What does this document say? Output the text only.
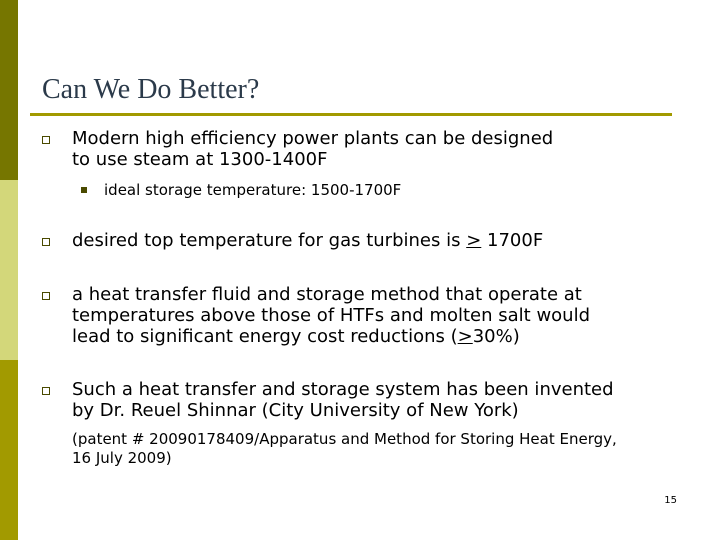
Can We Do Better?
Modern high efficiency power plants can be designed
to use steam at 1300-1400F
ideal storage temperature: 1500-1700F
desired top temperature for gas turbines is ≥ 1700F
a heat transfer fluid and storage method that operate at
temperatures above those of HTFs and molten salt would
lead to significant energy cost reductions (≥30%)
Such a heat transfer and storage system has been invented
by Dr. Reuel Shinnar (City University of New York)
(patent # 20090178409/Apparatus and Method for Storing Heat Energy,
16 July 2009)
15
